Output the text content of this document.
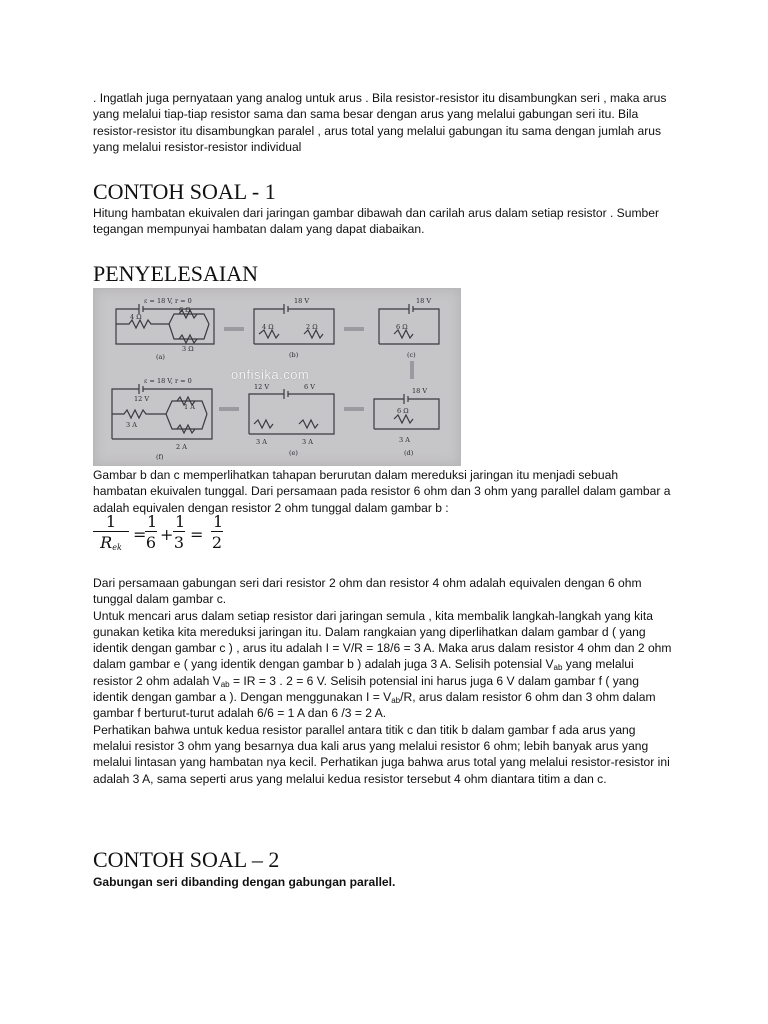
. Ingatlah juga pernyataan yang analog untuk arus . Bila resistor-resistor itu disambungkan seri , maka arus yang melalui tiap-tiap resistor sama dan sama besar dengan arus yang melalui gabungan seri itu. Bila resistor-resistor itu disambungkan paralel , arus total yang melalui gabungan itu sama dengan jumlah arus yang melalui resistor-resistor individual

CONTOH SOAL - 1

Hitung hambatan ekuivalen dari jaringan gambar dibawah dan carilah arus dalam setiap resistor . Sumber tegangan mempunyai hambatan dalam yang dapat diabaikan.

PENYELESAIAN
ε = 18 V, r = 0
6 Ω
4 Ω
3 Ω
18 V
4 Ω	2 Ω
18 V
6 Ω
18 V
6 Ω
3 A
12 V	6 V
3 A	3 A
ε = 18 V, r = 0
12 V
1 A
3 A
2 A
(a)	(b)	(c)
(d)
(e)
(f)
onfisika.com

Gambar b dan c memperlihatkan tahapan berurutan dalam mereduksi jaringan itu menjadi sebuah hambatan ekuivalen tunggal. Dari persamaan pada resistor 6 ohm dan 3 ohm yang parallel dalam gambar a adalah equivalen dengan resistor 2 ohm tunggal dalam gambar b :

1
$R_{ek}$
=
$\frac{1}{6} + \frac{1}{3} = \frac{1}{2}$

Dari persamaan gabungan seri dari resistor 2 ohm dan resistor 4 ohm adalah equivalen dengan 6 ohm tunggal dalam gambar c.

Untuk mencari arus dalam setiap resistor dari jaringan semula , kita membalik langkah-langkah yang kita gunakan ketika kita mereduksi jaringan itu. Dalam rangkaian yang diperlihatkan dalam gambar d ( yang identik dengan gambar c ) , arus itu adalah I = V/R = 18/6 = 3 A. Maka arus dalam resistor 4 ohm dan 2 ohm dalam gambar e ( yang identik dengan gambar b ) adalah juga 3 A. Selisih potensial $V_{ab}$ yang melalui resistor 2 ohm adalah $V_{ab}$ = IR = 3 . 2 = 6 V. Selisih potensial ini harus juga 6 V dalam gambar f ( yang identik dengan gambar a ). Dengan menggunakan $I = V_{ab}/R$, arus dalam resistor 6 ohm dan 3 ohm dalam gambar f berturut-turut adalah 6/6 = 1 A dan 6 /3 = 2 A.

Perhatikan bahwa untuk kedua resistor parallel antara titik c dan titik b dalam gambar f ada arus yang melalui resistor 3 ohm yang besarnya dua kali arus yang melalui resistor 6 ohm; lebih banyak arus yang melalui lintasan yang hambatan nya kecil. Perhatikan juga bahwa arus total yang melalui resistor-resistor ini adalah 3 A, sama seperti arus yang melalui kedua resistor tersebut 4 ohm diantara titim a dan c.

CONTOH SOAL – 2

Gabungan seri dibanding dengan gabungan parallel.
